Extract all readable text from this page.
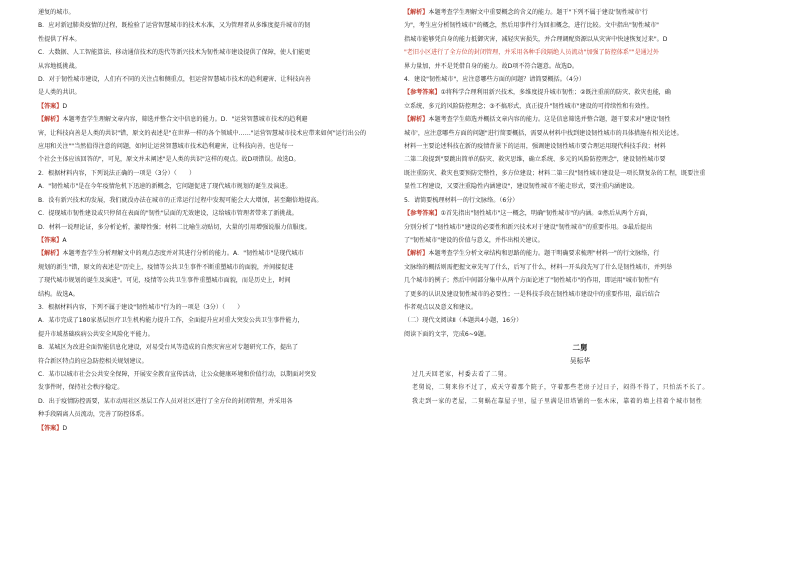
递复的城市。

B．应对新冠肺炎疫情的过程，既检验了运营智慧城市的技术水准，又为管理者从多维度提升城市的韧

性提供了样本。

C．大数据、人工智能算法、移动通信技术的迭代等新兴技术为韧性城市建设提供了保障，使人们能更

从容地抵挑战。

D．对于韧性城市建设，人们有不同的关注点和侧重点，但运营智慧城市技术的趋利避害、让科技向善

是人类的共识。

【答案】D

【解析】本题考查学生理解文章内容，筛选并整合文中信息的能力。D．"运营智慧城市技术的趋利避

害，让科技向善是人类的共识"错，原文的表述是"在世界一样的各个领域中……"运营智慧城市技术应带来如何"运行出公的

应用和关注""当然值得注意的问题，如何让运营智慧城市技术趋利避害，让科技向善，也是每一

个社会主体应该回答的"，可见，原文并未阐述"是人类的共识"这样的观点。故D项错误。故选D。

2．根据材料内容，下列说法正确的一项是（3分）（　　）

A．"韧性城市"是在今年疫情危机下迅速的新概念，它问题促进了现代城市规划的诞生及演进。

B．没有新兴技术的发展，我们就没办法在城市的正常运行过程中发现可能会大大增加，甚至翻倍地提高。

C．提现城市韧性建设或只停留在表面的"韧性"层面的无效建设，这给城市管理者带来了新挑战。

D．材料一说理论证，多分析论析，激辩性强；材料二比喻生动贴切，大量的引用增强说服力信服度。

【答案】A

【解析】本题考查学生分析理解文中的观点态度并对其进行分析的能力。A．"韧性城市"是现代城市

规划的新生"错，原文的表述是"历史上，疫情等公共卫生事件不断重塑城市的面貌，并间接促进

了现代城市规划的诞生及演进"。可见，疫情等公共卫生事件重塑城市面貌，而是历史上，时间

结构。故选A。

3．根据材料内容，下列不属于建设"韧性城市"行为的一项是（3分）（　　）

A．某市完成了180家基层医疗卫生机构能力提升工作，全面提升应对重大突发公共卫生事件能力，

提升市域基础疾病公共安全风险化平能力。

B．某城区为改进全面智能信息化建设，对易受台风等造成的自然灾害应对专题研究工作，提出了

符合新区特点的应急防控相关规划建议。

C．某市以城市社会公共安全保障，开展安全教育宣传活动，让公众健康环境和价值行动，以期面对突发

发事件时，保持社会秩序稳定。

D．出于疫情防控需要，某市动用社区基层工作人员对社区进行了全方位的封闭管理，并采用各

种手段隔离人员流动，完善了防控体系。

【答案】D

【解析】本题考查学生理解文中重要概念的含义的能力。题干"下列不属于建设'韧性城市'行

为"，考生应分析韧性城市"的概念，然后用事件行为回扣概念，进行比较。文中指出"韧性城市"

指城市能够凭自身的能力抵御灾害，减轻灾害损失，并合理调配资源以从灾害中快速恢复过来"。D

"老旧小区进行了全方位的封闭管理，并采用各种手段隔绝人员流动"加强了防控体系""是通过外

界力量加，并不是凭借自身的能力。故D项不符合题意。故选D。

4．建设"韧性城市"，应注意哪些方面的问题？请简要概括。（4分）

【参考答案】①将科学合理利用新兴技术，多维度提升城市韧性；②既注重前的防灾、救灾也能，确

立系统、多元的风险防控理念；③不搞形式，真正提升"韧性城市"建设的可持续性和有效性。

【解析】本题考查学生筛选并概括文章内容的能力。这是信息筛选并整合题，题干要求对"建设'韧性

城市'，应注意哪些方面的问题"进行简要概括，需要从材料中找到建设韧性城市的具体措施有相关论述。

材料一主要论述科技在新的疫情背景下的运用，强调建设韧性城市要合理运用现代科技手段；材料

二第二段提到"要跳出简单的防灾、救灾思维，确立系统、多元的风险防控理念"，建设韧性城市要

既注重防灾、救灾也要预防完整性，多方位建设；材料二第三段"韧性城市建设是一项长期复杂的工程，既要注重

显性工程建设，又要注重隐性内涵建设"，建设韧性城市不能走形式，要注重内涵建设。

5．请简要梳理材料一的行文脉络。（6分）

【参考答案】①首先指出"韧性城市"这一概念，明确"韧性城市"的内涵。②然后从两个方面，

分别分析了"韧性城市"建设的必要性和新兴技术对于建设"韧性城市"的重要作用。③最后提出

了"韧性城市"建设的价值与意义，并作出相关建议。

【解析】本题考查学生分析文章结构和思路的能力。题干明确要求梳理"材料一"的行文脉络，行

文脉络的概括则需把握文章先写了什么，后写了什么，材料一开头段先写了什么是韧性城市，并列举

几个城市的例子；然后中间部分集中从两个方面论述了"韧性城市"的作用，即运用"城市韧性"有

了更多的认识及建设韧性城市的必要性；一是科技手段在韧性城市建设中的重要作用，最后结合

作者观点以及意义和建议。

（二）现代文阅读Ⅱ（本题共4小题，16分）

阅读下面的文字，完成6~9题。

二舅

吴标华

过几天回老家，村委去看了二舅。

老舅说，二舅来你不过了，成天守着那个院子，守着那些老房子过日子，闷得不得了，只怕活不长了。

我走到一家的老屋，二舅蜗在靠屋子里，屋子里满是旧塔铺的一张木床，靠着的墙上挂着个城市韧性
